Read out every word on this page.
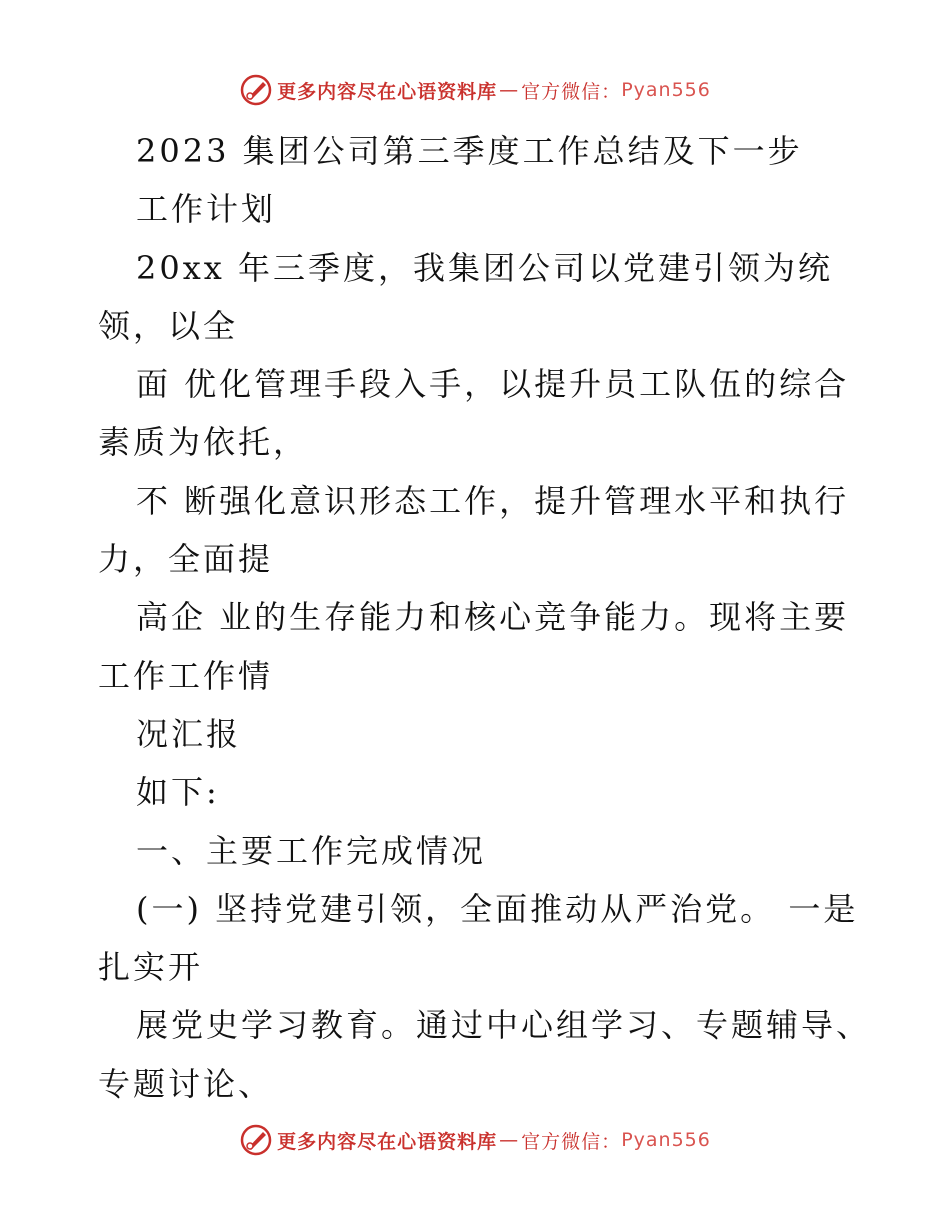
更多内容尽在心语资料库 — 官方微信： Pyan556
2023 集团公司第三季度工作总结及下一步
工作计划
20xx 年三季度，我集团公司以党建引领为统
领，以全
面 优化管理手段入手，以提升员工队伍的综合
素质为依托，
不 断强化意识形态工作，提升管理水平和执行
力，全面提
高企 业的生存能力和核心竞争能力。现将主要
工作工作情
况汇报
如下:
一、主要工作完成情况
(一) 坚持党建引领，全面推动从严治党。 一是
扎实开
展党史学习教育。通过中心组学习、专题辅导、
专题讨论、
更多内容尽在心语资料库 — 官方微信： Pyan556
